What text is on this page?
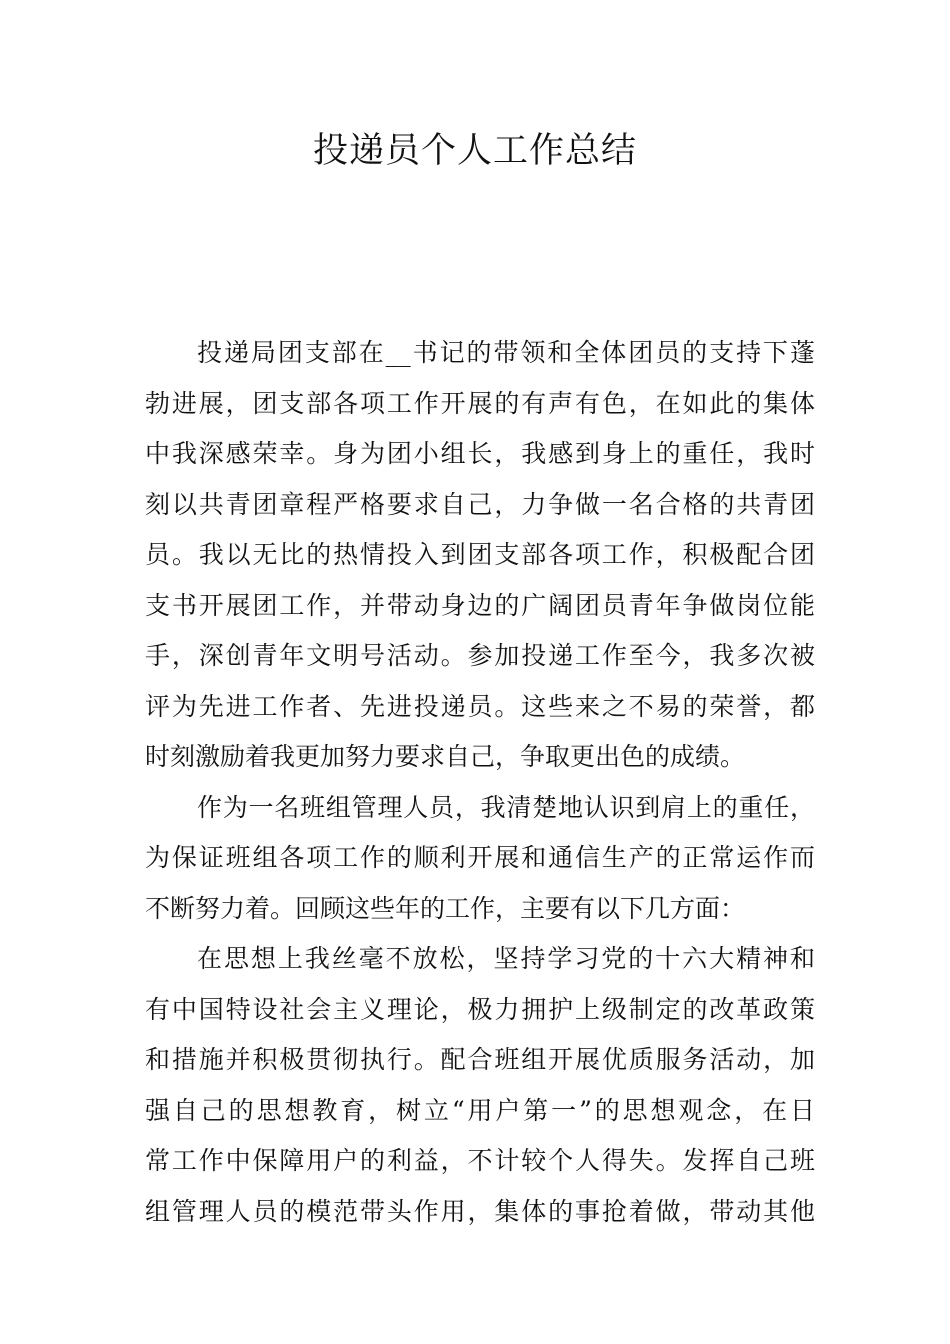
投递员个人工作总结
投递局团支部在__书记的带领和全体团员的支持下蓬
勃进展，团支部各项工作开展的有声有色，在如此的集体
中我深感荣幸。身为团小组长，我感到身上的重任，我时
刻以共青团章程严格要求自己，力争做一名合格的共青团
员。我以无比的热情投入到团支部各项工作，积极配合团
支书开展团工作，并带动身边的广阔团员青年争做岗位能
手，深创青年文明号活动。参加投递工作至今，我多次被
评为先进工作者、先进投递员。这些来之不易的荣誉，都
时刻激励着我更加努力要求自己，争取更出色的成绩。
作为一名班组管理人员，我清楚地认识到肩上的重任，
为保证班组各项工作的顺利开展和通信生产的正常运作而
不断努力着。回顾这些年的工作，主要有以下几方面：
在思想上我丝毫不放松，坚持学习党的十六大精神和
有中国特设社会主义理论，极力拥护上级制定的改革政策
和措施并积极贯彻执行。配合班组开展优质服务活动，加
强自己的思想教育，树立“用户第一”的思想观念，在日
常工作中保障用户的利益，不计较个人得失。发挥自己班
组管理人员的模范带头作用，集体的事抢着做，带动其他
